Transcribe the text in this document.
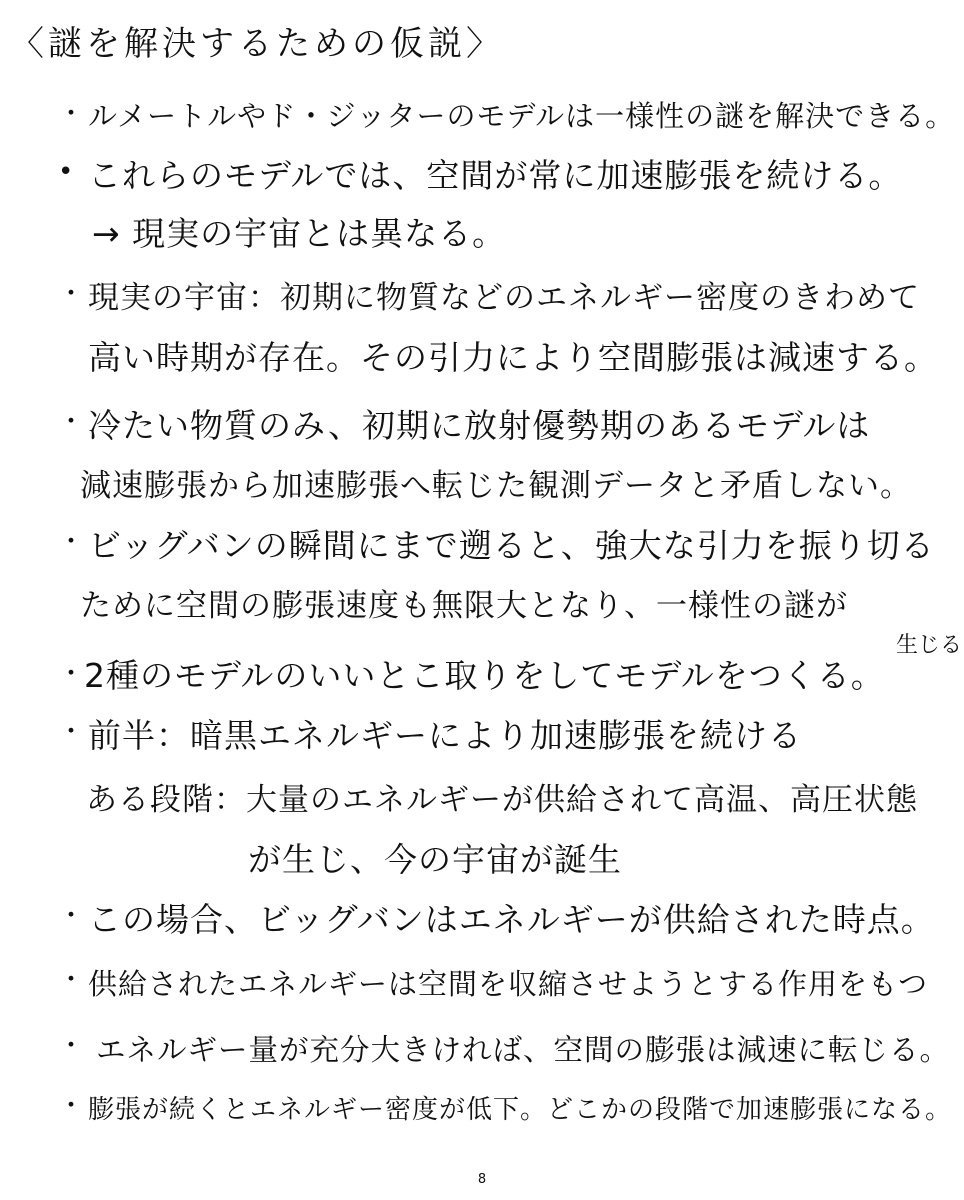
〈謎を解決するための仮説〉
・
•
・
・
・
・
・
・
・
・
・
ルメートルやド・ジッターのモデルは一様性の謎を解決できる。
これらのモデルでは、空間が常に加速膨張を続ける。
→ 現実の宇宙とは異なる。
現実の宇宙：初期に物質などのエネルギー密度のきわめて
高い時期が存在。その引力により空間膨張は減速する。
冷たい物質のみ、初期に放射優勢期のあるモデルは
減速膨張から加速膨張へ転じた観測データと矛盾しない。
ビッグバンの瞬間にまで遡ると、強大な引力を振り切る
ために空間の膨張速度も無限大となり、一様性の謎が
生じる
2種のモデルのいいとこ取りをしてモデルをつくる。
前半：暗黒エネルギーにより加速膨張を続ける
ある段階：大量のエネルギーが供給されて高温、高圧状態
が生じ、今の宇宙が誕生
この場合、ビッグバンはエネルギーが供給された時点。
供給されたエネルギーは空間を収縮させようとする作用をもつ
エネルギー量が充分大きければ、空間の膨張は減速に転じる。
膨張が続くとエネルギー密度が低下。どこかの段階で加速膨張になる。
8
